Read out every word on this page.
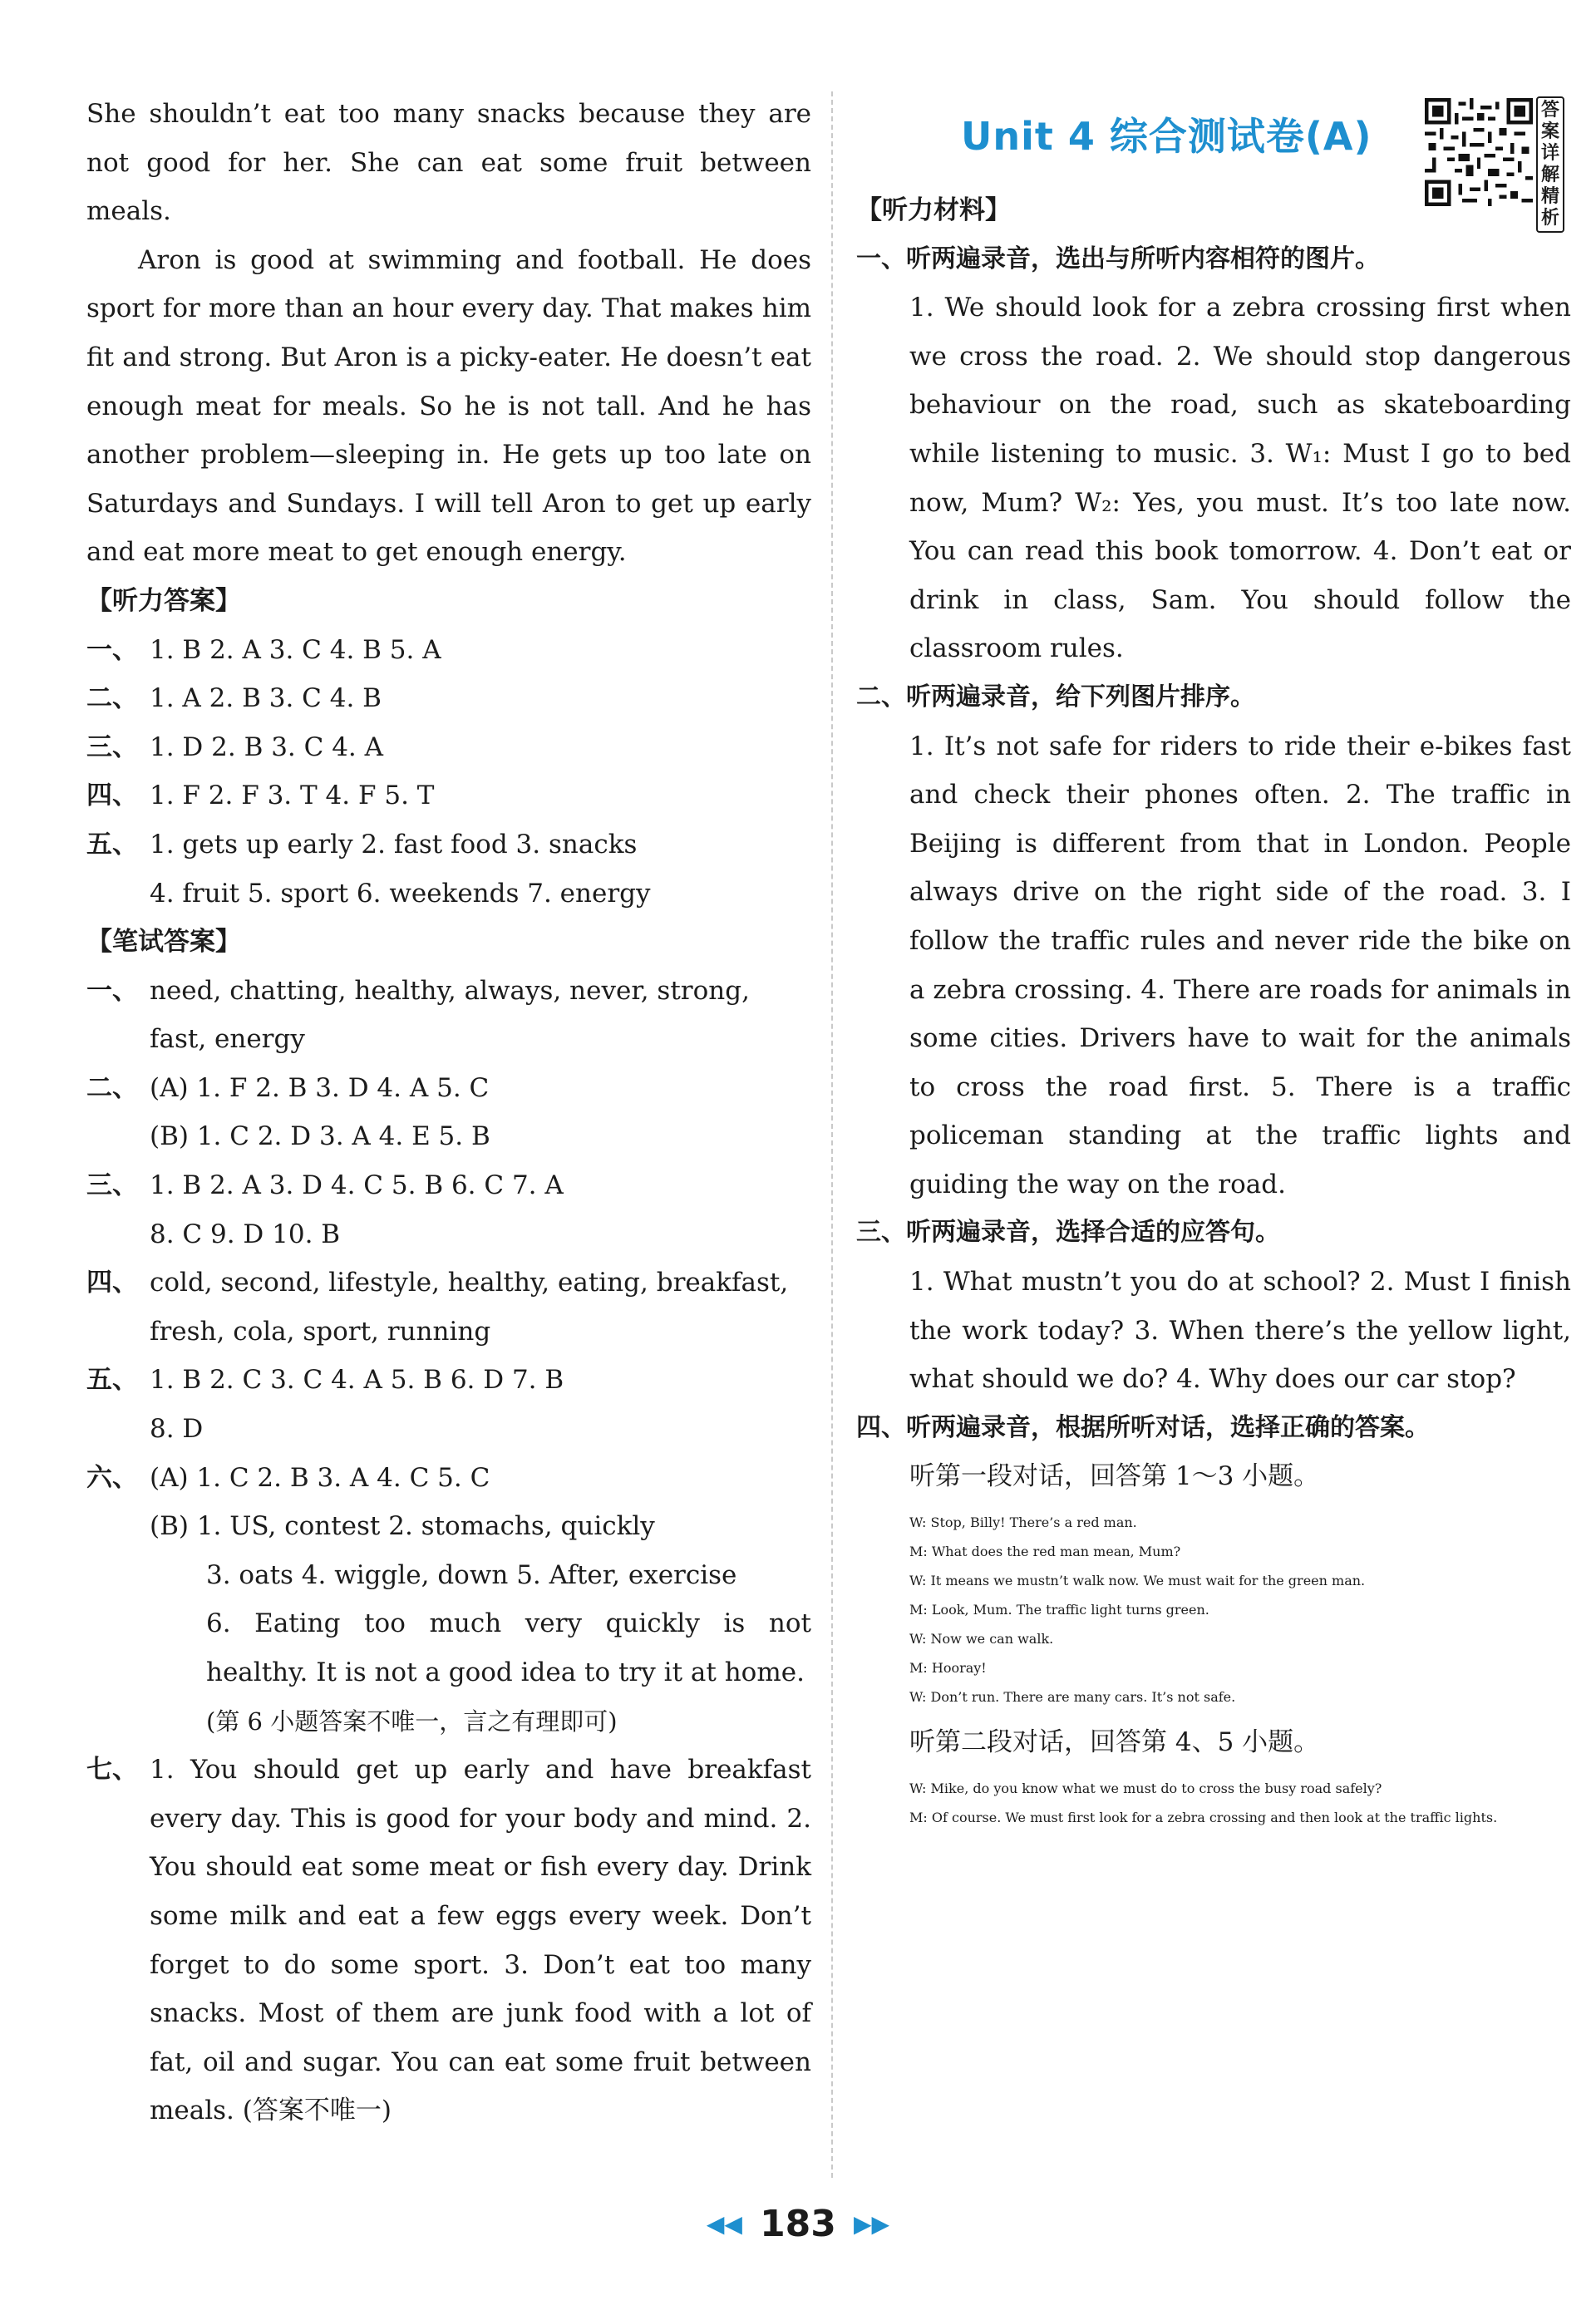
She shouldn’t eat too many snacks because they are not good for her. She can eat some fruit between meals.

Aron is good at swimming and football. He does sport for more than an hour every day. That makes him fit and strong. But Aron is a picky-eater. He doesn’t eat enough meat for meals. So he is not tall. And he has another problem—sleeping in. He gets up too late on Saturdays and Sundays. I will tell Aron to get up early and eat more meat to get enough energy.

【听力答案】

一、 1. B 2. A 3. C 4. B 5. A
二、 1. A 2. B 3. C 4. B
三、 1. D 2. B 3. C 4. A
四、 1. F 2. F 3. T 4. F 5. T
五、 1. gets up early 2. fast food 3. snacks

4. fruit 5. sport 6. weekends 7. energy

【笔试答案】

一、 need, chatting, healthy, always, never, strong,

fast, energy

二、 (A) 1. F 2. B 3. D 4. A 5. C

(B) 1. C 2. D 3. A 4. E 5. B

三、 1. B 2. A 3. D 4. C 5. B 6. C 7. A

8. C 9. D 10. B

四、 cold, second, lifestyle, healthy, eating, breakfast,

fresh, cola, sport, running

五、 1. B 2. C 3. C 4. A 5. B 6. D 7. B

8. D

六、 (A) 1. C 2. B 3. A 4. C 5. C

(B) 1. US, contest 2. stomachs, quickly

3. oats 4. wiggle, down 5. After, exercise

6. Eating too much very quickly is not healthy. It is not a good idea to try it at home.

(第 6 小题答案不唯一，言之有理即可)

七、 1. You should get up early and have breakfast every day. This is good for your body and mind. 2. You should eat some meat or fish every day. Drink some milk and eat a few eggs every week. Don’t forget to do some sport. 3. Don’t eat too many snacks. Most of them are junk food with a lot of fat, oil and sugar. You can eat some fruit between meals. (答案不唯一)
Unit 4 综合测试卷(A)
答案详解精析

【听力材料】

一、听两遍录音，选出与所听内容相符的图片。

1. We should look for a zebra crossing first when we cross the road. 2. We should stop dangerous behaviour on the road, such as skateboarding while listening to music. 3. W₁: Must I go to bed now, Mum? W₂: Yes, you must. It’s too late now. You can read this book tomorrow. 4. Don’t eat or drink in class, Sam. You should follow the classroom rules.

二、听两遍录音，给下列图片排序。

1. It’s not safe for riders to ride their e-bikes fast and check their phones often. 2. The traffic in Beijing is different from that in London. People always drive on the right side of the road. 3. I follow the traffic rules and never ride the bike on a zebra crossing. 4. There are roads for animals in some cities. Drivers have to wait for the animals to cross the road first. 5. There is a traffic policeman standing at the traffic lights and guiding the way on the road.

三、听两遍录音，选择合适的应答句。

1. What mustn’t you do at school? 2. Must I finish the work today? 3. When there’s the yellow light, what should we do? 4. Why does our car stop?

四、听两遍录音，根据所听对话，选择正确的答案。

听第一段对话，回答第 1～3 小题。

W: Stop, Billy! There’s a red man.

M: What does the red man mean, Mum?

W: It means we mustn’t walk now. We must wait for the green man.

M: Look, Mum. The traffic light turns green.

W: Now we can walk.

M: Hooray!

W: Don’t run. There are many cars. It’s not safe.

听第二段对话，回答第 4、5 小题。

W: Mike, do you know what we must do to cross the busy road safely?

M: Of course. We must first look for a zebra crossing and then look at the traffic lights.

◀◀ 183 ▶▶
